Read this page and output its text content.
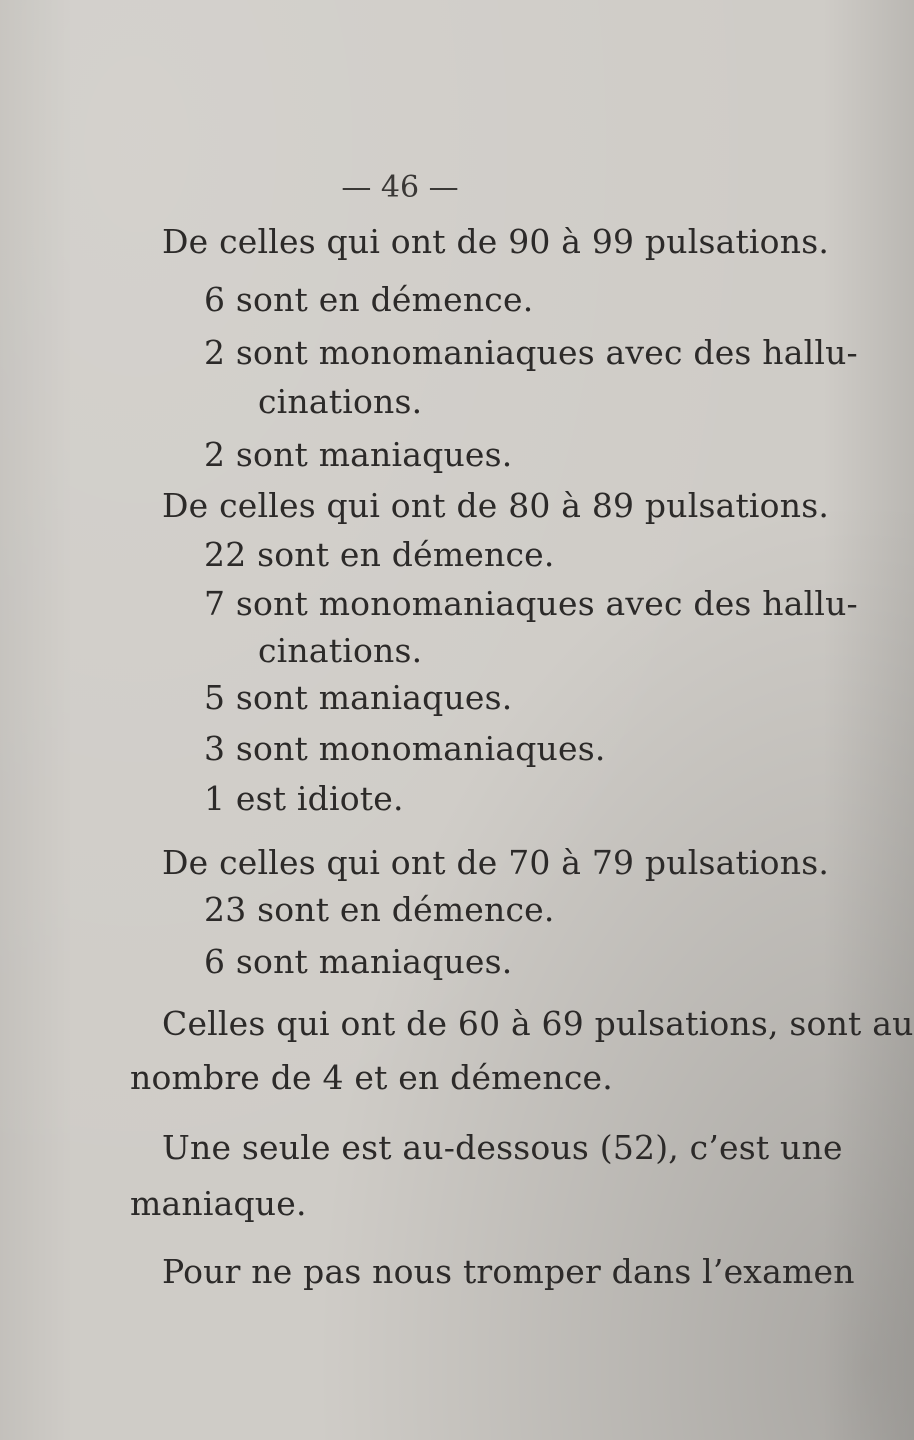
— 46 —
De celles qui ont de 90 à 99 pulsations.
6 sont en démence.
2 sont monomaniaques avec des hallu-
cinations.
2 sont maniaques.
De celles qui ont de 80 à 89 pulsations.
22 sont en démence.
7 sont monomaniaques avec des hallu-
cinations.
5 sont maniaques.
3 sont monomaniaques.
1 est idiote.
De celles qui ont de 70 à 79 pulsations.
23 sont en démence.
6 sont maniaques.
Celles qui ont de 60 à 69 pulsations, sont au
nombre de 4 et en démence.
Une seule est au-dessous (52), c’est une
maniaque.
Pour ne pas nous tromper dans l’examen
